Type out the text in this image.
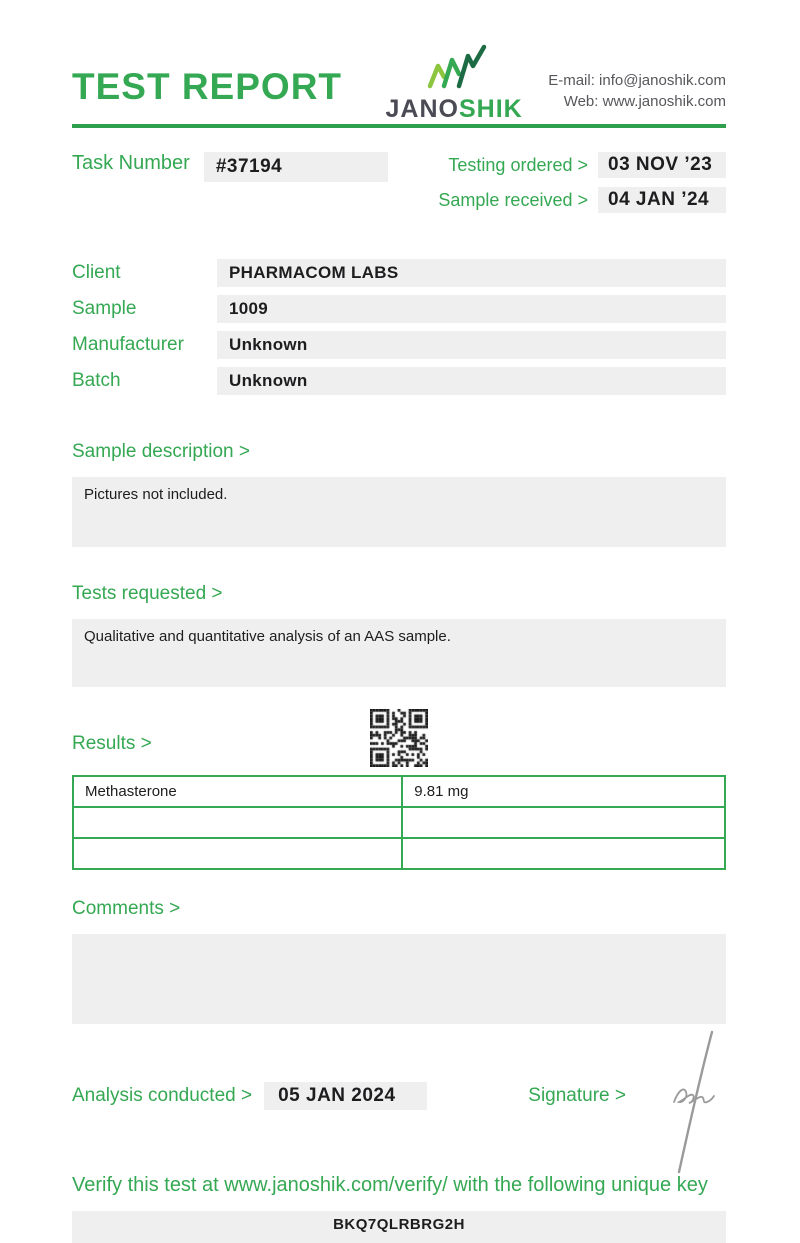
TEST REPORT
JANOSHIK
E-mail: info@janoshik.com
Web: www.janoshik.com
Task Number	#37194	Testing ordered >	03 NOV ’23
Sample received >	04 JAN ’24
Client	PHARMACOM LABS
Sample	1009
Manufacturer	Unknown
Batch	Unknown
Sample description >
Pictures not included.
Tests requested >
Qualitative and quantitative analysis of an AAS sample.
Results >
Methasterone	9.81 mg

Comments >
Analysis conducted >	05 JAN 2024	Signature >
Verify this test at www.janoshik.com/verify/ with the following unique key
BKQ7QLRBRG2H
